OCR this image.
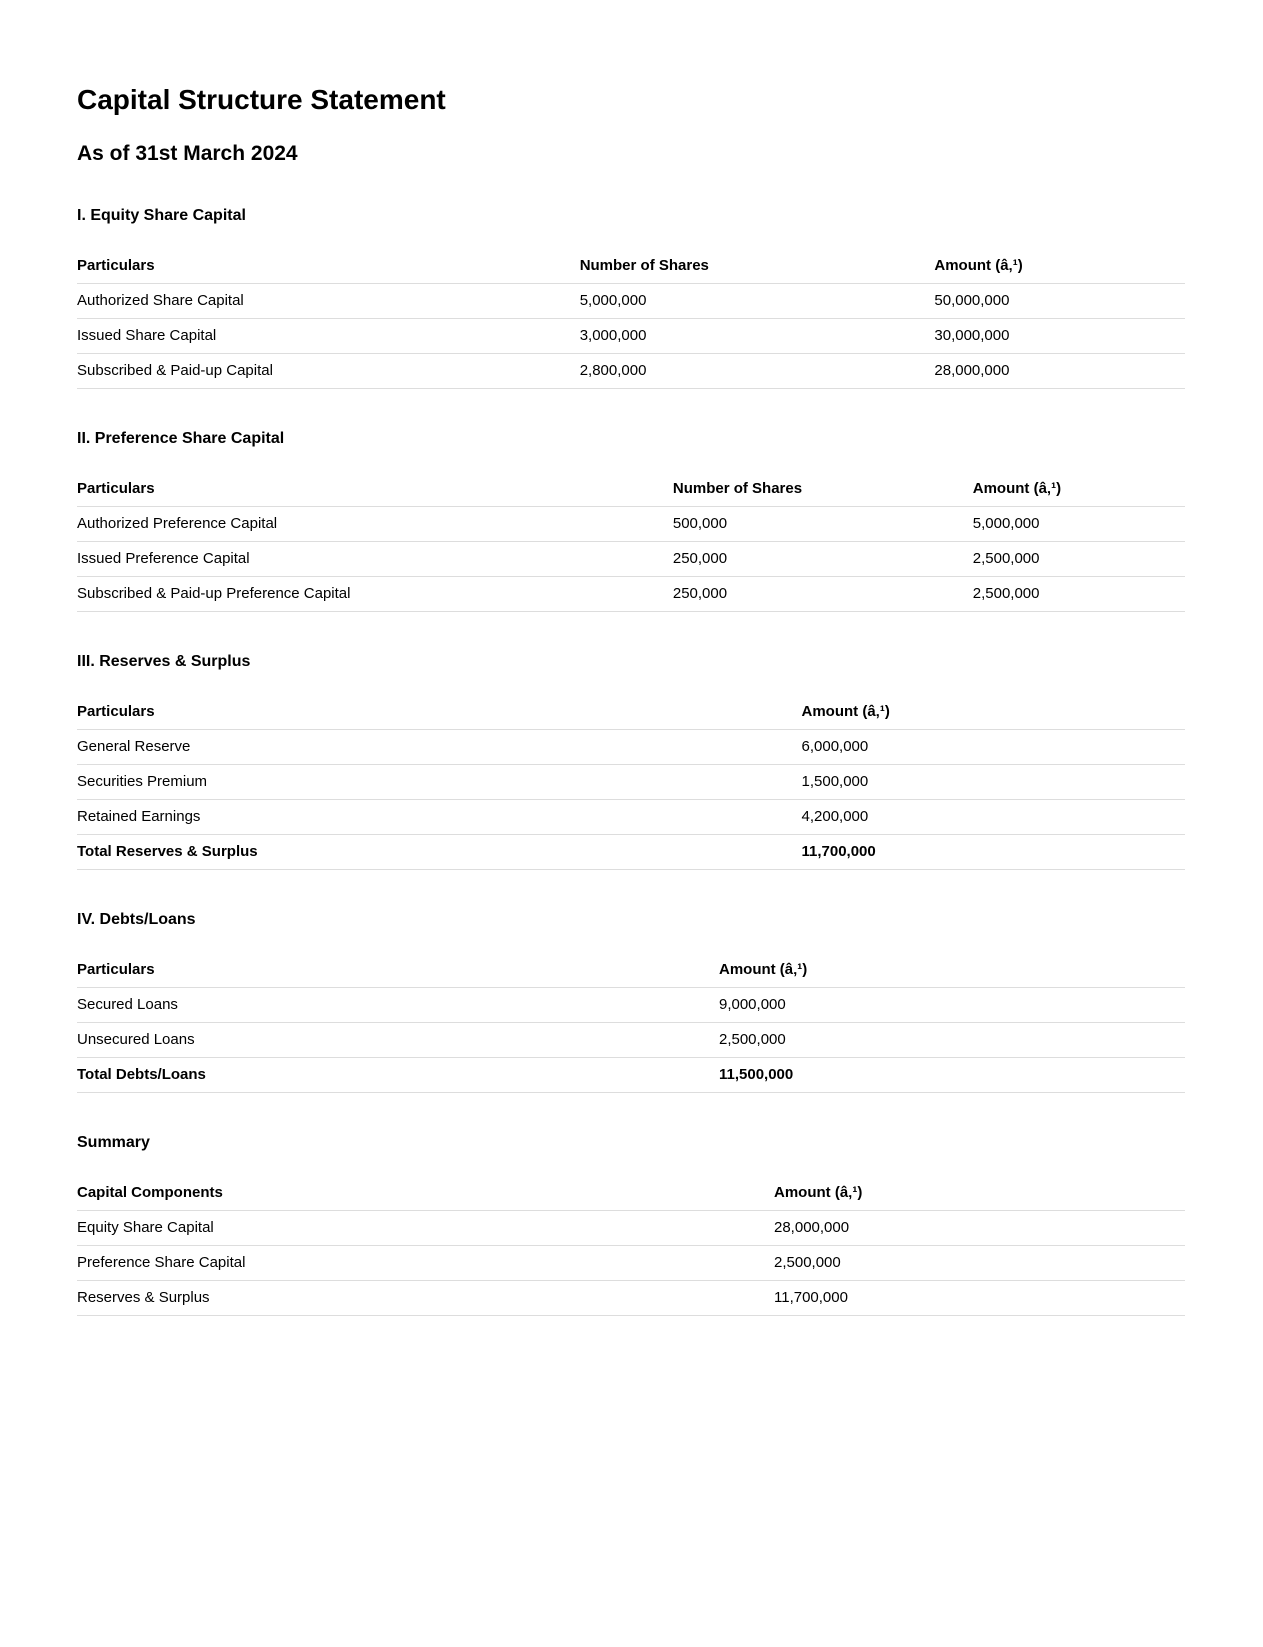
Capital Structure Statement
As of 31st March 2024
I. Equity Share Capital
Particulars	Number of Shares	Amount (â‚¹)
Authorized Share Capital	5,000,000	50,000,000
Issued Share Capital	3,000,000	30,000,000
Subscribed & Paid-up Capital	2,800,000	28,000,000
II. Preference Share Capital
Particulars	Number of Shares	Amount (â‚¹)
Authorized Preference Capital	500,000	5,000,000
Issued Preference Capital	250,000	2,500,000
Subscribed & Paid-up Preference Capital	250,000	2,500,000
III. Reserves & Surplus
Particulars	Amount (â‚¹)
General Reserve	6,000,000
Securities Premium	1,500,000
Retained Earnings	4,200,000
Total Reserves & Surplus	11,700,000
IV. Debts/Loans
Particulars	Amount (â‚¹)
Secured Loans	9,000,000
Unsecured Loans	2,500,000
Total Debts/Loans	11,500,000
Summary
Capital Components	Amount (â‚¹)
Equity Share Capital	28,000,000
Preference Share Capital	2,500,000
Reserves & Surplus	11,700,000
